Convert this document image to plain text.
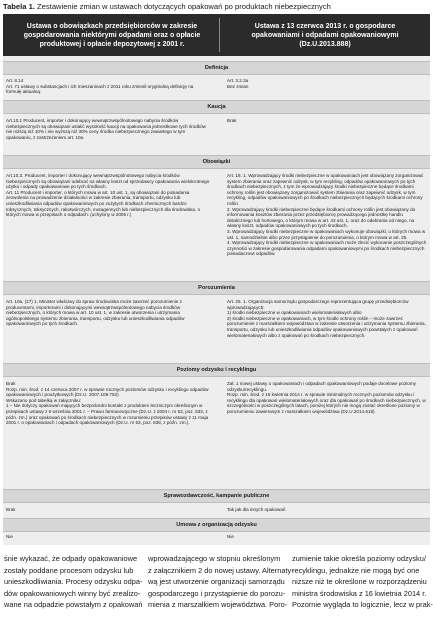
Tabela 1. Zestawienie zmian w ustawach dotyczących opakowań po produktach niebezpiecznych
Ustawa o obowiązkach przedsiębiorców w zakresie gospodarowania niektórymi odpadami oraz o opłacie produktowej i opłacie depozytowej z 2001 r.
Ustawa z 13 czerwca 2013 r. o gospodarce opakowaniami i odpadami opakowaniowymi (Dz.U.2013.888)
Definicja

Art. 8.14

Art. 71 ustawy o substancjach i ich mieszaninach z 2011 roku zmienił oryginalną definicję na formułę aktualną.

Art. 3.2.3a

Bez zmian

Kaucja

Art.10.1 Producent, importer i dokonujący wewnątrzwspólnotowego nabycia środków niebezpiecznych są obowiązani ustalić wysokość kaucji na opakowania jednostkowe tych środków nie niższą niż 10% i nie wyższą niż 30% ceny środka niebezpiecznego zawartego w tym opakowaniu, z zastrzeżeniem art. 10a.

Brak

Obowiązki

Art.10.3. Producent, importer i dokonujący wewnątrzwspólnotowego nabycia środków niebezpiecznych są obowiązani odebrać na własny koszt od sprzedawcy opakowania wielokrotnego użytku i odpady opakowaniowe po tych środkach.

Art. 11 Producent i importer, o których mowa w art. 10 ust. 1, są obowiązani do posiadania zezwolenia na prowadzenie działalności w zakresie zbierania, transportu, odzysku lub unieszkodliwiania odpadów opakowaniowych po zużytych środkach chemicznych bardzo toksycznych, toksycznych, rakotwórczych, mutagennych lub niebezpiecznych dla środowiska, o których mowa w przepisach o odpadach. (uchylony w 2005 r.)

Art. 18. 1. Wprowadzający środki niebezpieczne w opakowaniach jest obowiązany zorganizować system zbierania oraz zapewnić odzysk, w tym recykling, odpadów opakowaniowych po tych środkach niebezpiecznych, z tym że wprowadzający środki niebezpieczne będące środkami ochrony roślin jest obowiązany zorganizować system zbierania oraz zapewnić odzysk, w tym recykling, odpadów opakowaniowych po środkach niebezpiecznych będących środkami ochrony roślin.

2. Wprowadzający środki niebezpieczne będące środkami ochrony roślin jest obowiązany do informowania kosztów zbierania przez przedsiębiorcę prowadzącego jednostkę handlu detalicznego lub hurtowego, o którym mowa w art. 43 ust. 1, oraz do odebrania od niego, na własny koszt, odpadów opakowaniowych po tych środkach.

3. Wprowadzający środki niebezpieczne w opakowaniach wykonuje obowiązki, o których mowa w ust. 1, samodzielnie albo przez przystąpienie do porozumienia, o którym mowa w art. 25.

4. Wprowadzający środki niebezpieczne w opakowaniach może zlecić wykonanie poszczególnych czynności w zakresie gospodarowania odpadami opakowaniowymi po środkach niebezpiecznych posiadaczowi odpadów.

Porozumienia

Art. 10a, (27) 1. Minister właściwy do spraw środowiska może zawrzeć porozumienie z producentami, importerami i dokonującymi wewnątrzwspólnotowego nabycia środków niebezpiecznych, o których mowa w art. 10 ust. 1, w zakresie utworzenia i utrzymania ogólnopolskiego systemu zbierania, transportu, odzysku lub unieszkodliwiania odpadów opakowaniowych po tych środkach.

Art. 25. 1. Organizacja samorządu gospodarczego reprezentująca grupę przedsiębiorców wprowadzających:

1) środki niebezpieczne w opakowaniach wielomateriałowych albo

2) środki niebezpieczne w opakowaniach, w tym środki ochrony roślin – może zawrzeć porozumienie z marszałkiem województwa w zakresie utworzenia i utrzymania systemu zbierania, transportu, odzysku lub unieszkodliwiania odpadów opakowaniowych powstałych z opakowań wielomateriałowych albo z opakowań po środkach niebezpiecznych.

Poziomy odzysku i recyklingu

Brak

Rozp. min. środ. z 14 czerwca 2007 r. w sprawie rocznych poziomów odzysku i recyklingu odpadów opakowaniowych i poużytkowych (Dz.U. 2007.109.752)

Wskazano pod tabelką w załączniku:

1 – Nie dotyczy opakowań mających bezpośredni kontakt z produktem leczniczym określonym w przepisach ustawy z 6 września 2001 r. – Prawo farmaceutyczne (Dz.U. z 2004 r. nr 53, poz. 533, z późn. zm.) oraz opakowań po środkach niebezpiecznych w rozumieniu przepisów ustawy z 11 maja 2001 r. o opakowaniach i odpadach opakowaniowych (Dz.U. nr 63, poz. 638, z późn. zm.).

Zał. 1 nowej ustawy o opakowaniach i odpadach opakowaniowych podaje docelowe poziomy odzysku/recyklingu.

Rozp. min. środ. z 16 kwietnia 2014 r. w sprawie minimalnych rocznych poziomów odzysku i recyklingu dla opakowań wielomateriałowych oraz dla opakowań po środkach niebezpiecznych, w szczególności w poszczególnych latach, poniżej których nie mogą zostać określone poziomy w porozumieniu zawieranym z marszałkiem województwa (Dz.U.2014.618)

Sprawozdawczość, kampanie publiczne

Brak	Tak jak dla innych opakowań

Umowa z organizacją odzysku

Nie	Nie

śnie wykazać, że odpady opakowaniowe

zostały poddane procesom odzysku lub

unieszkodliwiania. Procesy odzysku odpa-

dów opakowaniowych winny być zrealizo-

wane na odpadzie powstałym z opakowań

wprowadzającego w stopniu określonym

z załącznikiem 2 do nowej ustawy. Alternaty-

wą jest utworzenie organizacji samorządu

gospodarczego i przystąpienie do porozu-

mienia z marszałkiem województwa. Poro-

zumienie takie określa poziomy odzysku/

recyklingu, jednakże nie mogą być one

niższe niż te określone w rozporządzeniu

ministra środowiska z 16 kwietnia 2014 r.

Pozornie wygląda to logicznie, lecz w prak-
